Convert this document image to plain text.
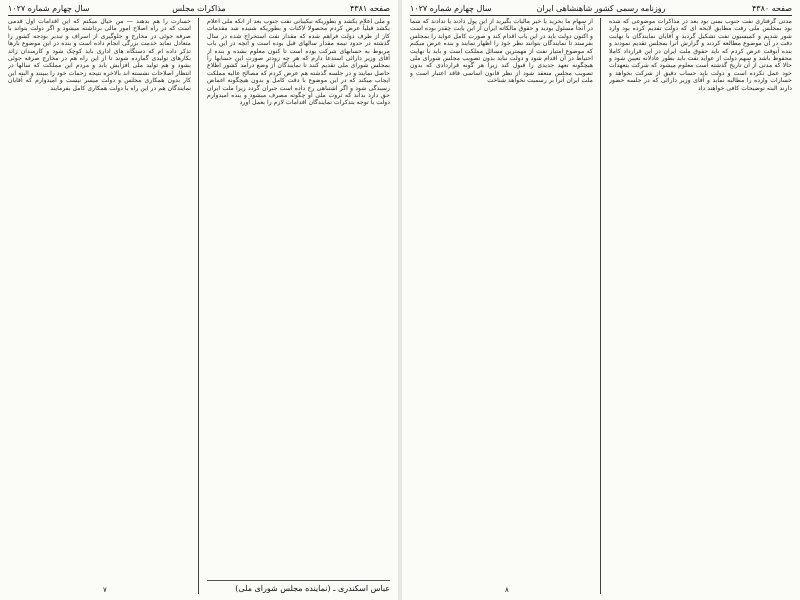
صفحه ۴۳۸۱
مذاکرات مجلس
سال چهارم شماره ۱۰۲۷

و ملی اعلام یکشد و بطوریکه نیکیبانی نفت جنوب بعد از آنکه ملی اعلام یکشد قبلیآ عرض کردم محصولا لاکتات و بطوریکه شنیده شد مقدمات کار از طرف دولت فراهم شده که مقدار نفت استخراج شده در سال گذشته در حدود نیمه مقدار سالهای قبل بوده است و آنچه در این باب مربوط به حسابهای شرکت بوده است تا کنون معلوم نشده و بنده از آقای وزیر دارائی استدعا دارم که هر چه زودتر صورت این حسابها را بمجلس شورای ملی تقدیم کنند تا نمایندگان از وضع درآمد کشور اطلاع حاصل نمایند و در جلسه گذشته هم عرض کردم که مصالح عالیه مملکت ایجاب میکند که در این موضوع با دقت کامل و بدون هیچگونه اغماض رسیدگی شود و اگر اشتباهی رخ داده است جبران گردد زیرا ملت ایران حق دارد بداند که ثروت ملی او چگونه مصرف میشود و بنده امیدوارم دولت با توجه بتذکرات نمایندگان اقدامات لازم را بعمل آورد

خسارت را هم بدهند — من خیال میکنم که این اقدامات اول قدمی است که در راه اصلاح امور مالی برداشته میشود و اگر دولت بتواند با صرفه جوئی در مخارج و جلوگیری از اسراف و تبذیر بودجه کشور را متعادل نماید خدمت بزرگی انجام داده است و بنده در این موضوع بارها تذکر داده ام که دستگاه های اداری باید کوچک شود و کارمندان زائد بکارهای تولیدی گمارده شوند تا از این راه هم در مخارج صرفه جوئی بشود و هم تولید ملی افزایش یابد و مردم این مملکت که سالها در انتظار اصلاحات نشسته اند بالاخره نتیجه زحمات خود را ببینند و البته این کار بدون همکاری مجلس و دولت میسر نیست و امیدوارم که آقایان نمایندگان هم در این راه با دولت همکاری کامل بفرمایند

عباس اسکندری ـ (نماینده مجلس شورای ملی)
۷
صفحه ۴۳۸۰
روزنامه رسمی کشور شاهنشاهی ایران
سال چهارم شماره ۱۰۲۷

مدتی گرفتاری نفت جنوب بمنی بود بعد در مذاکرات موضوعی که شده بود بمجلس ملی رفت مطابق لایحه ای که دولت تقدیم کرده بود وارد شور شدیم و کمیسیون نفت تشکیل گردید و آقایان نمایندگان با نهایت دقت در آن موضوع مطالعه کردند و گزارش آنرا بمجلس تقدیم نمودند و بنده آنوقت عرض کردم که باید حقوق ملت ایران در این قرارداد کاملا محفوظ باشد و سهم دولت از عواید نفت باید بطور عادلانه تعیین شود و حالا که مدتی از آن تاریخ گذشته است معلوم میشود که شرکت بتعهدات خود عمل نکرده است و دولت باید حساب دقیق از شرکت بخواهد و خسارات وارده را مطالبه نماید و آقای وزیر دارائی که در جلسه حضور دارند البته توضیحات کافی خواهند داد

از سهام ما بخرید یا خیر مالیات بگیرید از این پول دادند یا ندادند که شما در آنجا مسئول بودید و حقوق مالکانه ایران از این بابت چقدر بوده است و اکنون دولت باید در این باب اقدام کند و صورت کامل عواید را بمجلس بفرستد تا نمایندگان بتوانند نظر خود را اظهار نمایند و بنده عرض میکنم که موضوع امتیاز نفت از مهمترین مسائل مملکت است و باید با نهایت احتیاط در آن اقدام شود و دولت نباید بدون تصویب مجلس شورای ملی هیچگونه تعهد جدیدی را قبول کند زیرا هر گونه قراردادی که بدون تصویب مجلس منعقد شود از نظر قانون اساسی فاقد اعتبار است و ملت ایران آنرا بر رسمیت نخواهد شناخت

۸
